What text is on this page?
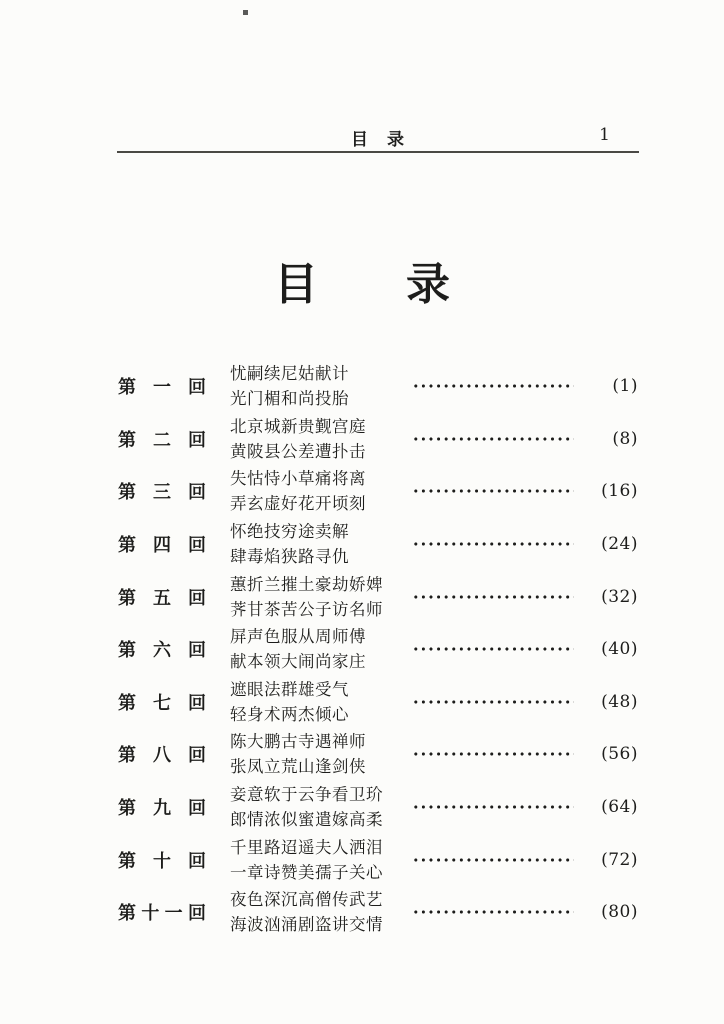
目　录	1
目　　录
第一回
忧嗣续尼姑献计
光门楣和尚投胎
(1)
第二回
北京城新贵觐宫庭
黄陂县公差遭扑击
(8)
第三回
失怙恃小草痛将离
弄玄虚好花开顷刻
(16)
第四回
怀绝技穷途卖解
肆毒焰狭路寻仇
(24)
第五回
蕙折兰摧土豪劫娇婢
荠甘茶苦公子访名师
(32)
第六回
屏声色服从周师傅
献本领大闹尚家庄
(40)
第七回
遮眼法群雄受气
轻身术两杰倾心
(48)
第八回
陈大鹏古寺遇禅师
张凤立荒山逢剑侠
(56)
第九回
妾意软于云争看卫玠
郎情浓似蜜遣嫁高柔
(64)
第十回
千里路迢遥夫人洒泪
一章诗赞美孺子关心
(72)
第十一回
夜色深沉高僧传武艺
海波汹涌剧盗讲交情
(80)
